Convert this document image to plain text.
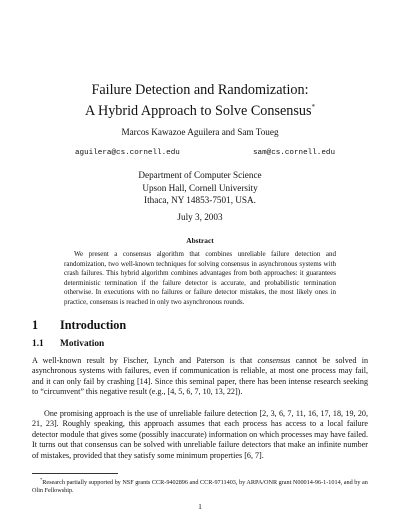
Failure Detection and Randomization:
A Hybrid Approach to Solve Consensus*
Marcos Kawazoe Aguilera and Sam Toueg
aguilera@cs.cornell.edu	sam@cs.cornell.edu
Department of Computer Science
Upson Hall, Cornell University
Ithaca, NY 14853-7501, USA.
July 3, 2003
Abstract
We present a consensus algorithm that combines unreliable failure detection and randomization, two well-known techniques for solving consensus in asynchronous systems with crash failures. This hybrid algorithm combines advantages from both approaches: it guarantees deterministic termination if the failure detector is accurate, and probabilistic termination otherwise. In executions with no failures or failure detector mistakes, the most likely ones in practice, consensus is reached in only two asynchronous rounds.
1 Introduction
1.1 Motivation
A well-known result by Fischer, Lynch and Paterson is that consensus cannot be solved in asynchronous systems with failures, even if communication is reliable, at most one process may fail, and it can only fail by crashing [14]. Since this seminal paper, there has been intense research seeking to “circumvent” this negative result (e.g., [4, 5, 6, 7, 10, 13, 22]).
One promising approach is the use of unreliable failure detection [2, 3, 6, 7, 11, 16, 17, 18, 19, 20, 21, 23]. Roughly speaking, this approach assumes that each process has access to a local failure detector module that gives some (possibly inaccurate) information on which processes may have failed. It turns out that consensus can be solved with unreliable failure detectors that make an infinite number of mistakes, provided that they satisfy some minimum properties [6, 7].
*Research partially supported by NSF grants CCR-9402896 and CCR-9711403, by ARPA/ONR grant N00014-96-1-1014, and by an Olin Fellowship.
1
